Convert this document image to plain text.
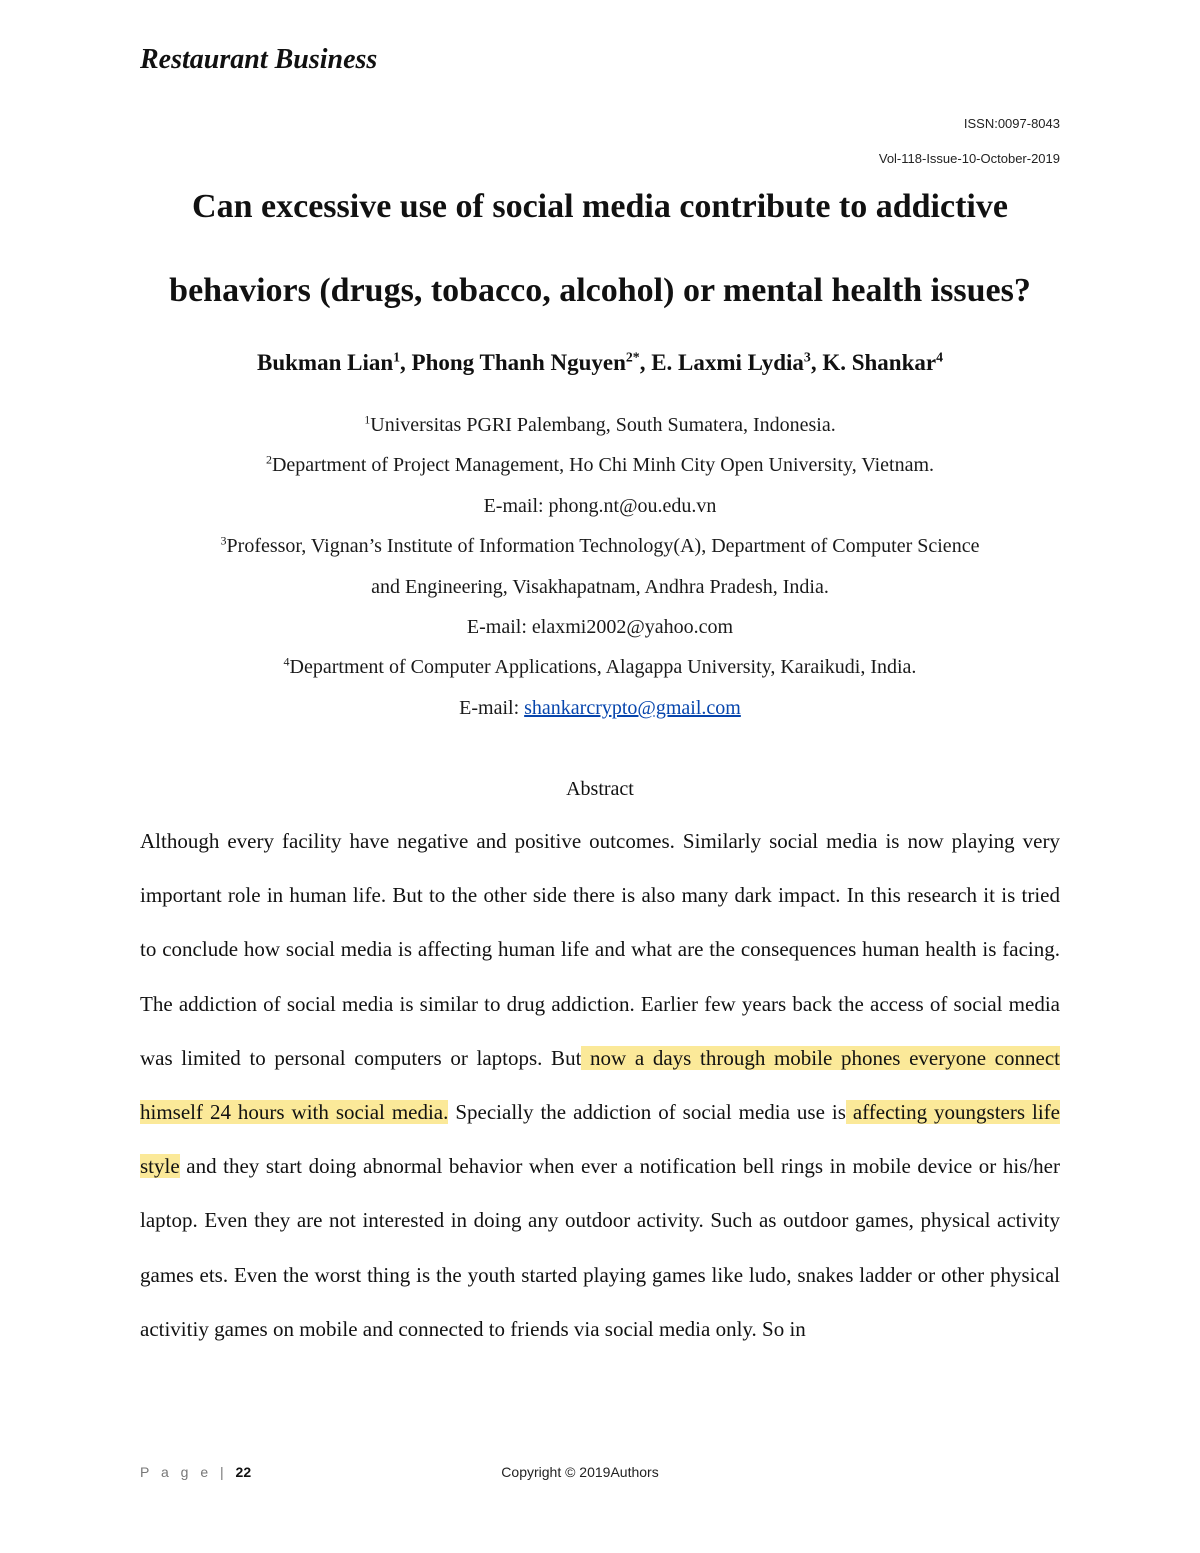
Restaurant Business
ISSN:0097-8043
Vol-118-Issue-10-October-2019
Can excessive use of social media contribute to addictive
behaviors (drugs, tobacco, alcohol) or mental health issues?
Bukman Lian$^1$, Phong Thanh Nguyen$^{2*}$, E. Laxmi Lydia$^3$, K. Shankar$^4$
$^1$Universitas PGRI Palembang, South Sumatera, Indonesia.
$^2$Department of Project Management, Ho Chi Minh City Open University, Vietnam.
E-mail: phong.nt@ou.edu.vn
$^3$Professor, Vignan’s Institute of Information Technology(A), Department of Computer Science
and Engineering, Visakhapatnam, Andhra Pradesh, India.
E-mail: elaxmi2002@yahoo.com
$^4$Department of Computer Applications, Alagappa University, Karaikudi, India.
E-mail: shankarcrypto@gmail.com
Abstract

Although every facility have negative and positive outcomes. Similarly social media is now playing very important role in human life. But to the other side there is also many dark impact. In this research it is tried to conclude how social media is affecting human life and what are the consequences human health is facing. The addiction of social media is similar to drug addiction. Earlier few years back the access of social media was limited to personal computers or laptops. But now a days through mobile phones everyone connect himself 24 hours with social media. Specially the addiction of social media use is affecting youngsters life style and they start doing abnormal behavior when ever a notification bell rings in mobile device or his/her laptop. Even they are not interested in doing any outdoor activity. Such as outdoor games, physical activity games ets. Even the worst thing is the youth started playing games like ludo, snakes ladder or other physical activitiy games on mobile and connected to friends via social media only. So in

P a g e | 22	Copyright © 2019Authors
